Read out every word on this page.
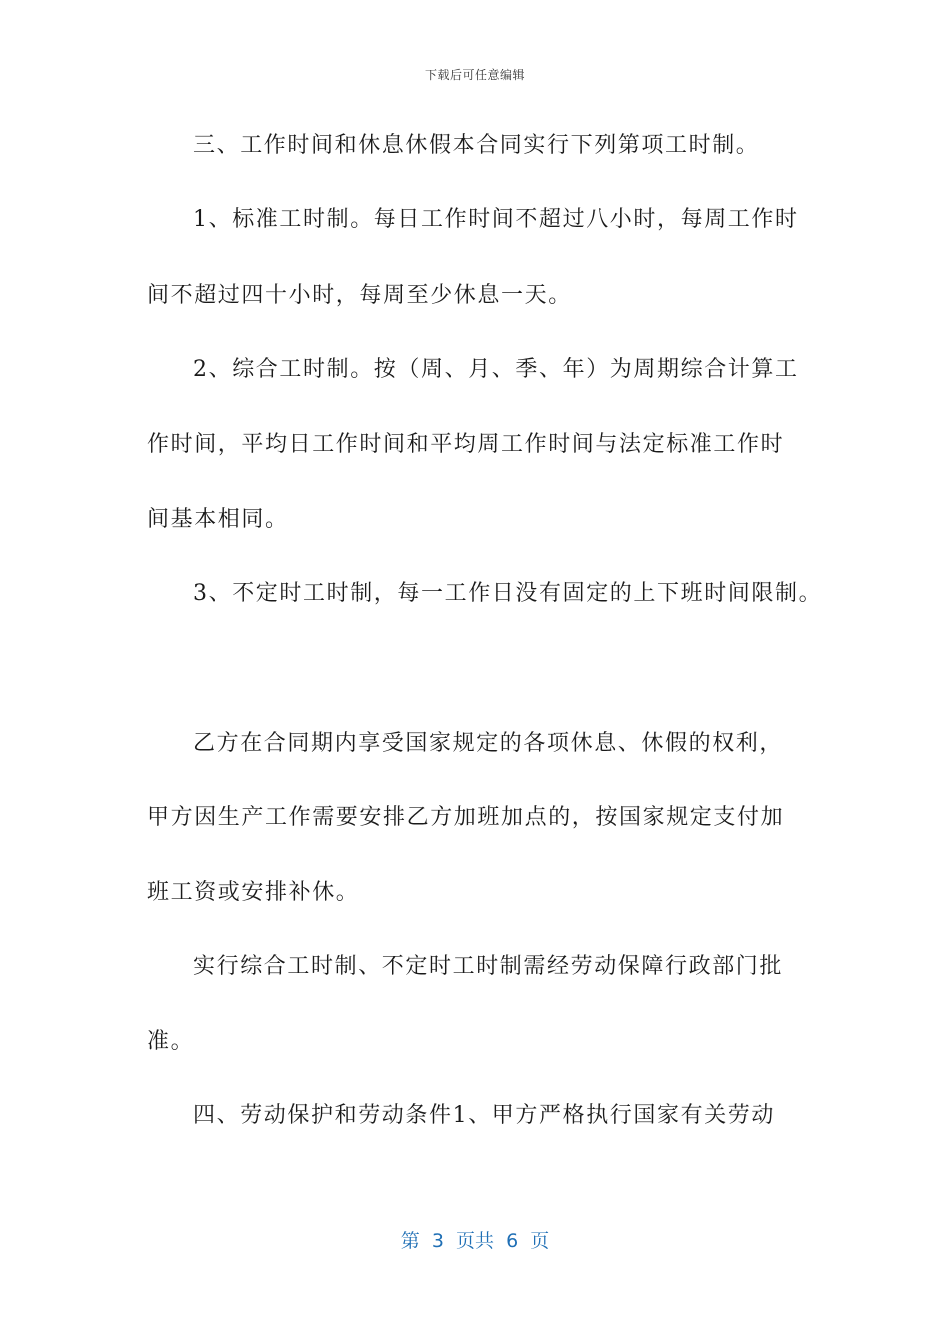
下载后可任意编辑
三、工作时间和休息休假本合同实行下列第项工时制。
1、标准工时制。每日工作时间不超过八小时，每周工作时
间不超过四十小时，每周至少休息一天。
2、综合工时制。按（周、月、季、年）为周期综合计算工
作时间，平均日工作时间和平均周工作时间与法定标准工作时
间基本相同。
3、不定时工时制，每一工作日没有固定的上下班时间限制。
乙方在合同期内享受国家规定的各项休息、休假的权利，
甲方因生产工作需要安排乙方加班加点的，按国家规定支付加
班工资或安排补休。
实行综合工时制、不定时工时制需经劳动保障行政部门批
准。
四、劳动保护和劳动条件1、甲方严格执行国家有关劳动
第  3  页共  6  页
